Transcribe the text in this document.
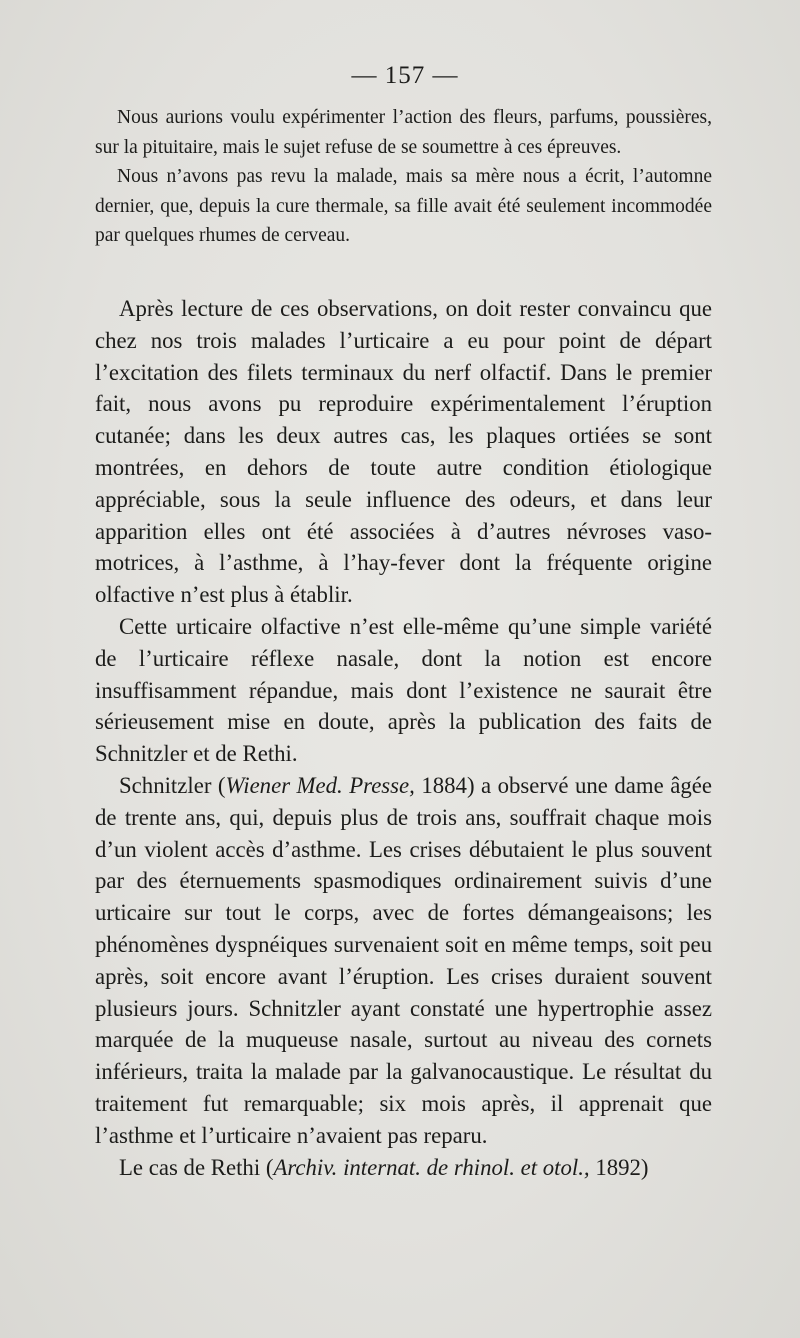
— 157 —

Nous aurions voulu expérimenter l’action des fleurs, parfums, poussières, sur la pituitaire, mais le sujet refuse de se soumettre à ces épreuves.

Nous n’avons pas revu la malade, mais sa mère nous a écrit, l’automne dernier, que, depuis la cure thermale, sa fille avait été seulement incommodée par quelques rhumes de cerveau.

Après lecture de ces observations, on doit rester convaincu que chez nos trois malades l’urticaire a eu pour point de départ l’excitation des filets terminaux du nerf olfactif. Dans le premier fait, nous avons pu reproduire expérimentalement l’éruption cutanée; dans les deux autres cas, les plaques ortiées se sont montrées, en dehors de toute autre condition étiologique appréciable, sous la seule influence des odeurs, et dans leur apparition elles ont été associées à d’autres névroses vaso-motrices, à l’asthme, à l’hay-fever dont la fréquente origine olfactive n’est plus à établir.

Cette urticaire olfactive n’est elle-même qu’une simple variété de l’urticaire réflexe nasale, dont la notion est encore insuffisamment répandue, mais dont l’existence ne saurait être sérieusement mise en doute, après la publication des faits de Schnitzler et de Rethi.

Schnitzler (Wiener Med. Presse, 1884) a observé une dame âgée de trente ans, qui, depuis plus de trois ans, souffrait chaque mois d’un violent accès d’asthme. Les crises débutaient le plus souvent par des éternuements spasmodiques ordinairement suivis d’une urticaire sur tout le corps, avec de fortes démangeaisons; les phénomènes dyspnéiques survenaient soit en même temps, soit peu après, soit encore avant l’éruption. Les crises duraient souvent plusieurs jours. Schnitzler ayant constaté une hypertrophie assez marquée de la muqueuse nasale, surtout au niveau des cornets inférieurs, traita la malade par la galvanocaustique. Le résultat du traitement fut remarquable; six mois après, il apprenait que l’asthme et l’urticaire n’avaient pas reparu.

Le cas de Rethi (Archiv. internat. de rhinol. et otol., 1892)
